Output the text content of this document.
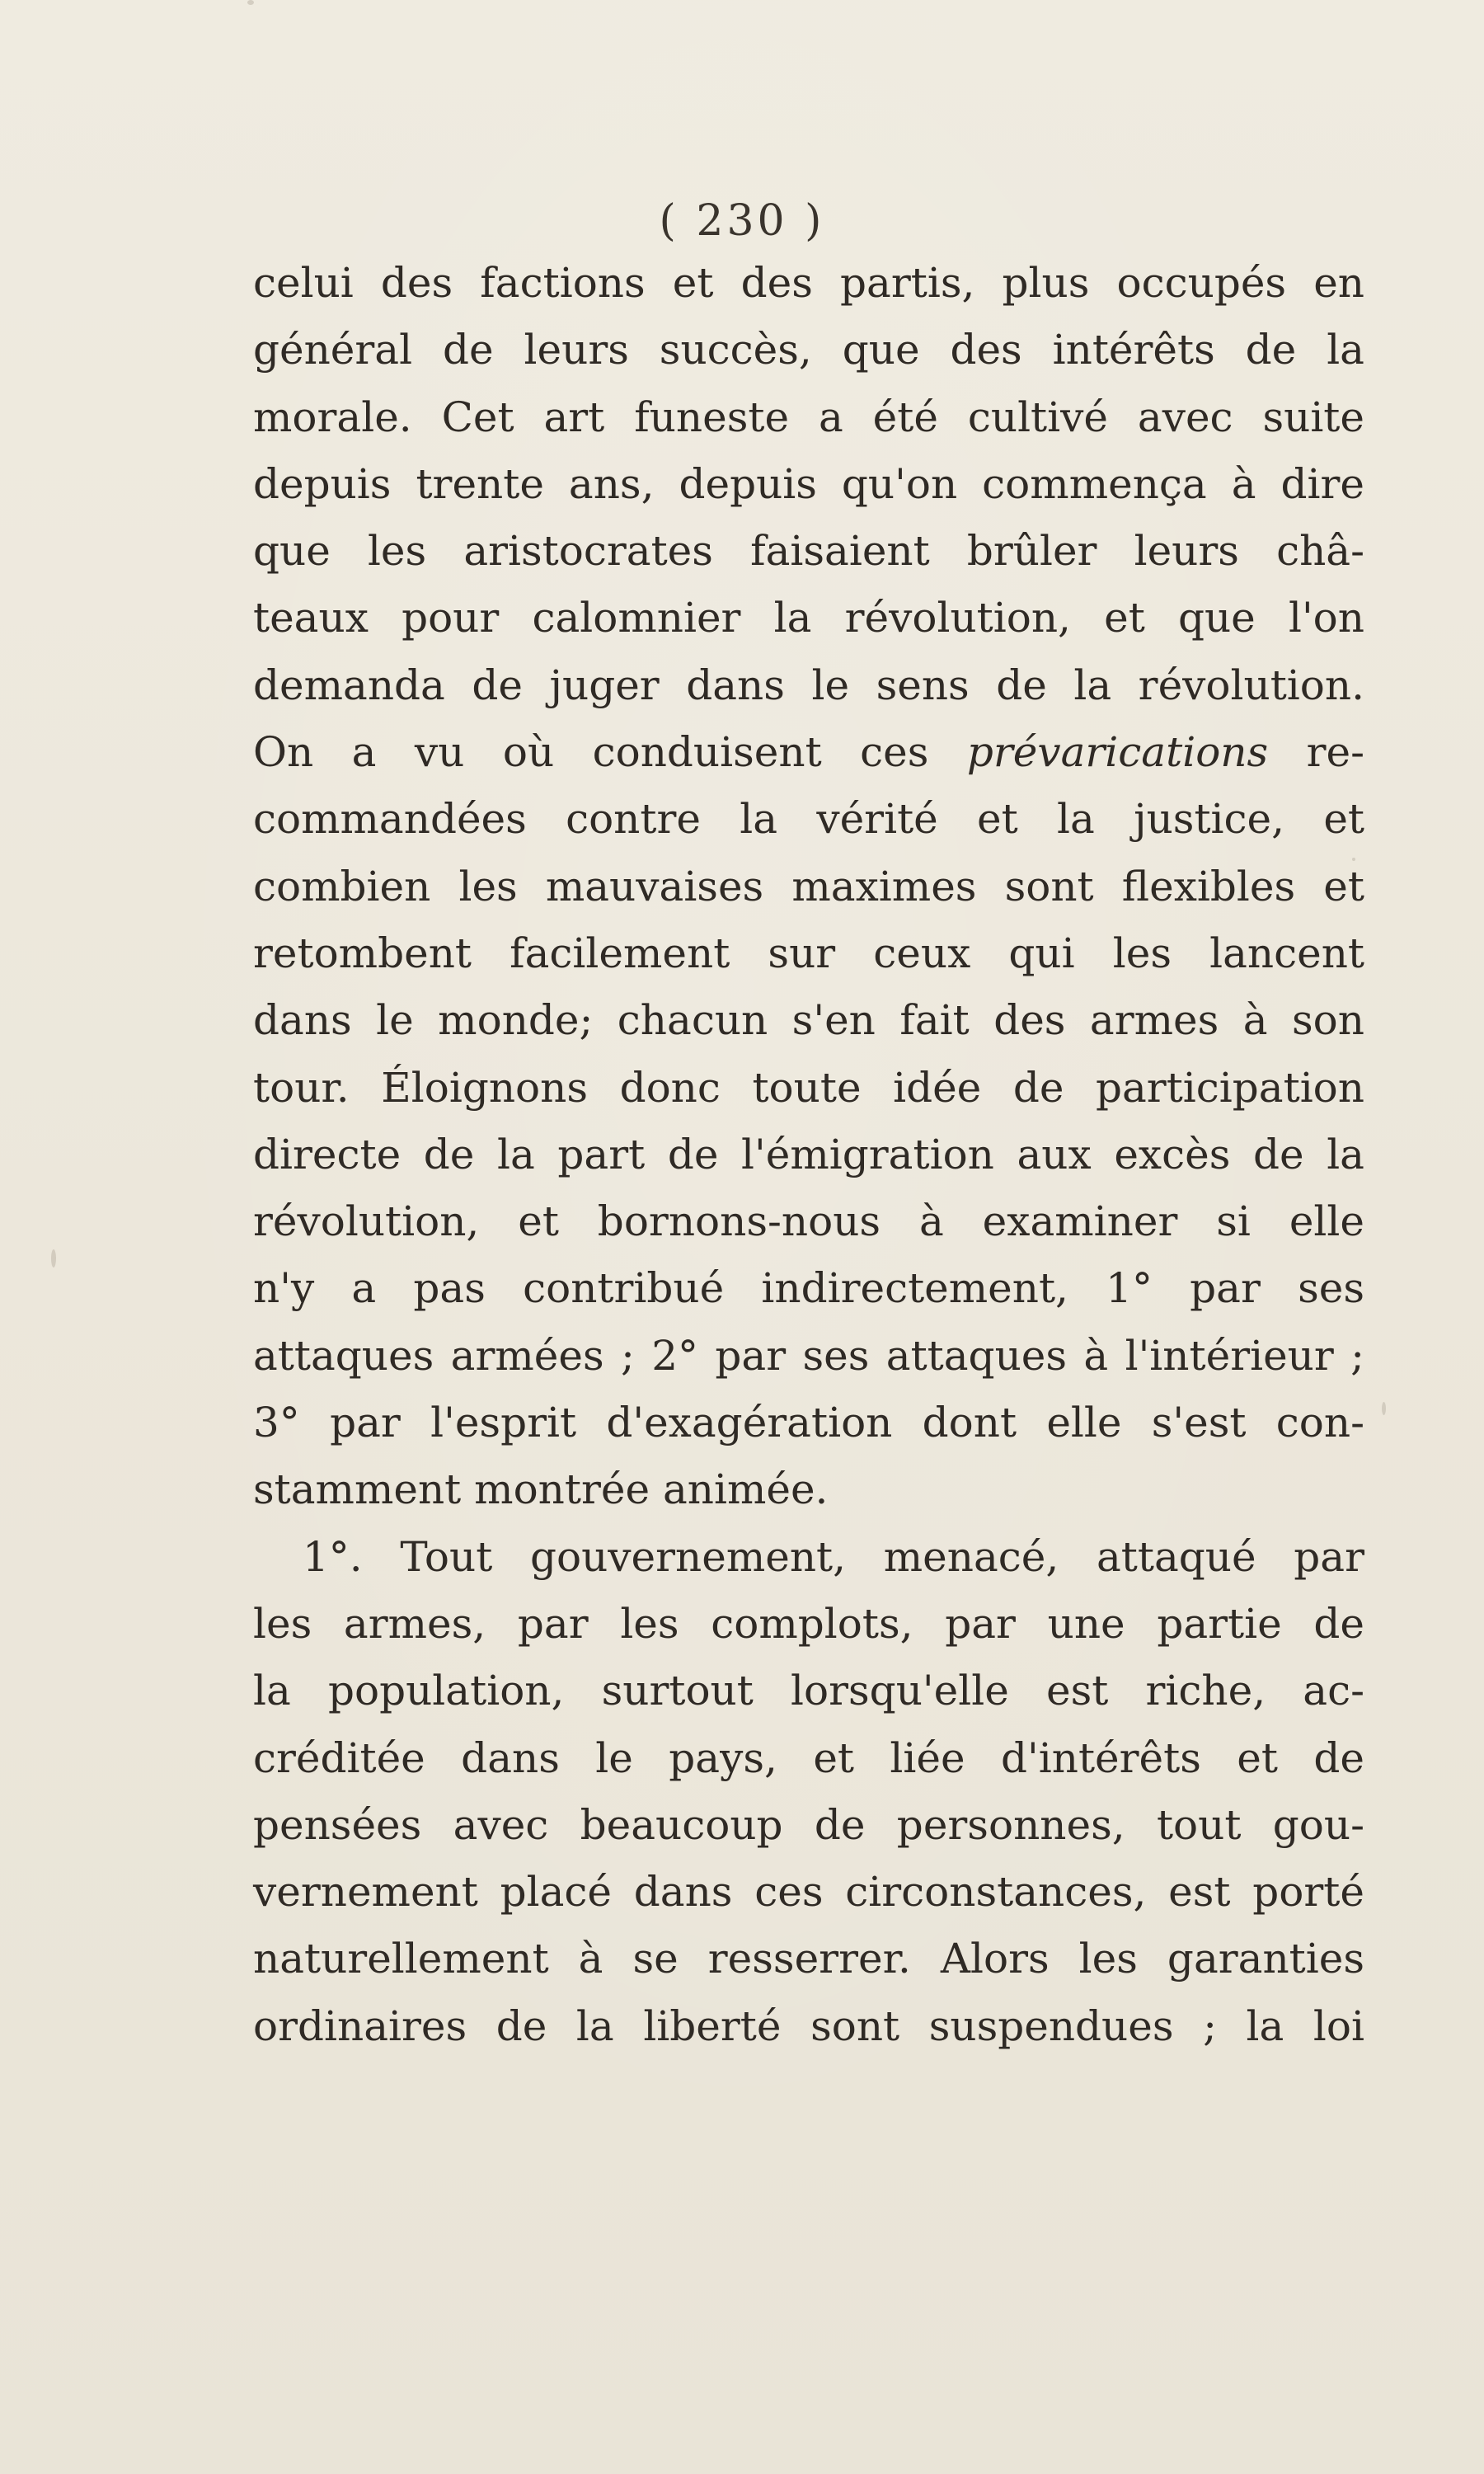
( 230 )
celui des factions et des partis, plus occupés en
général de leurs succès, que des intérêts de la
morale. Cet art funeste a été cultivé avec suite
depuis trente ans, depuis qu'on commença à dire
que les aristocrates faisaient brûler leurs châ-
teaux pour calomnier la révolution, et que l'on
demanda de juger dans le sens de la révolution.
On a vu où conduisent ces prévarications re-
commandées contre la vérité et la justice, et
combien les mauvaises maximes sont flexibles et
retombent facilement sur ceux qui les lancent
dans le monde; chacun s'en fait des armes à son
tour. Éloignons donc toute idée de participation
directe de la part de l'émigration aux excès de la
révolution, et bornons-nous à examiner si elle
n'y a pas contribué indirectement, 1° par ses
attaques armées ; 2° par ses attaques à l'intérieur ;
3° par l'esprit d'exagération dont elle s'est con-
stamment montrée animée.
1°. Tout gouvernement, menacé, attaqué par
les armes, par les complots, par une partie de
la population, surtout lorsqu'elle est riche, ac-
créditée dans le pays, et liée d'intérêts et de
pensées avec beaucoup de personnes, tout gou-
vernement placé dans ces circonstances, est porté
naturellement à se resserrer. Alors les garanties
ordinaires de la liberté sont suspendues ; la loi
